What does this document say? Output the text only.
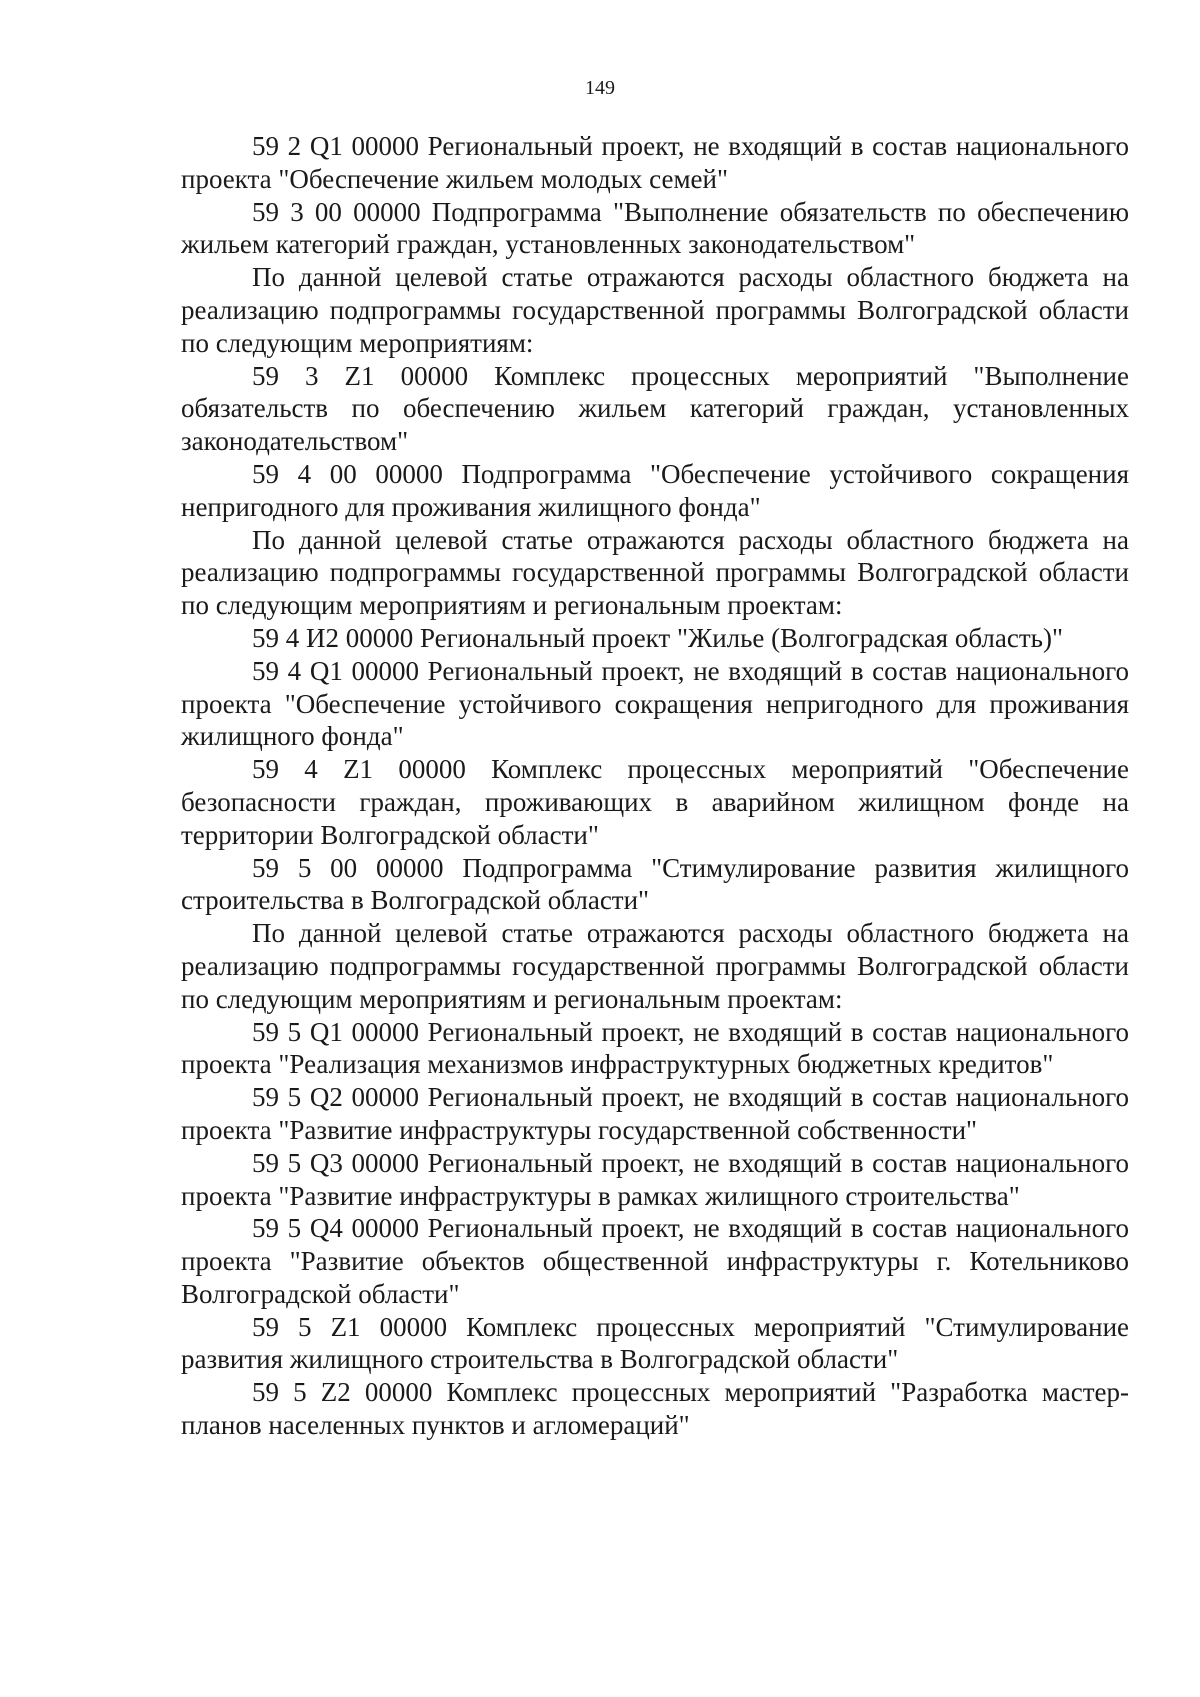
149

59 2 Q1 00000 Региональный проект, не входящий в состав национального проекта "Обеспечение жильем молодых семей"

59 3 00 00000 Подпрограмма "Выполнение обязательств по обеспечению жильем категорий граждан, установленных законодательством"

По данной целевой статье отражаются расходы областного бюджета на реализацию подпрограммы государственной программы Волгоградской области по следующим мероприятиям:

59 3 Z1 00000 Комплекс процессных мероприятий "Выполнение обязательств по обеспечению жильем категорий граждан, установленных законодательством"

59 4 00 00000 Подпрограмма "Обеспечение устойчивого сокращения непригодного для проживания жилищного фонда"

По данной целевой статье отражаются расходы областного бюджета на реализацию подпрограммы государственной программы Волгоградской области по следующим мероприятиям и региональным проектам:

59 4 И2 00000 Региональный проект "Жилье (Волгоградская область)"

59 4 Q1 00000 Региональный проект, не входящий в состав национального проекта "Обеспечение устойчивого сокращения непригодного для проживания жилищного фонда"

59 4 Z1 00000 Комплекс процессных мероприятий "Обеспечение безопасности граждан, проживающих в аварийном жилищном фонде на территории Волгоградской области"

59 5 00 00000 Подпрограмма "Стимулирование развития жилищного строительства в Волгоградской области"

По данной целевой статье отражаются расходы областного бюджета на реализацию подпрограммы государственной программы Волгоградской области по следующим мероприятиям и региональным проектам:

59 5 Q1 00000 Региональный проект, не входящий в состав национального проекта "Реализация механизмов инфраструктурных бюджетных кредитов"

59 5 Q2 00000 Региональный проект, не входящий в состав национального проекта "Развитие инфраструктуры государственной собственности"

59 5 Q3 00000 Региональный проект, не входящий в состав национального проекта "Развитие инфраструктуры в рамках жилищного строительства"

59 5 Q4 00000 Региональный проект, не входящий в состав национального проекта "Развитие объектов общественной инфраструктуры г. Котельниково Волгоградской области"

59 5 Z1 00000 Комплекс процессных мероприятий "Стимулирование развития жилищного строительства в Волгоградской области"

59 5 Z2 00000 Комплекс процессных мероприятий "Разработка мастер-планов населенных пунктов и агломераций"
